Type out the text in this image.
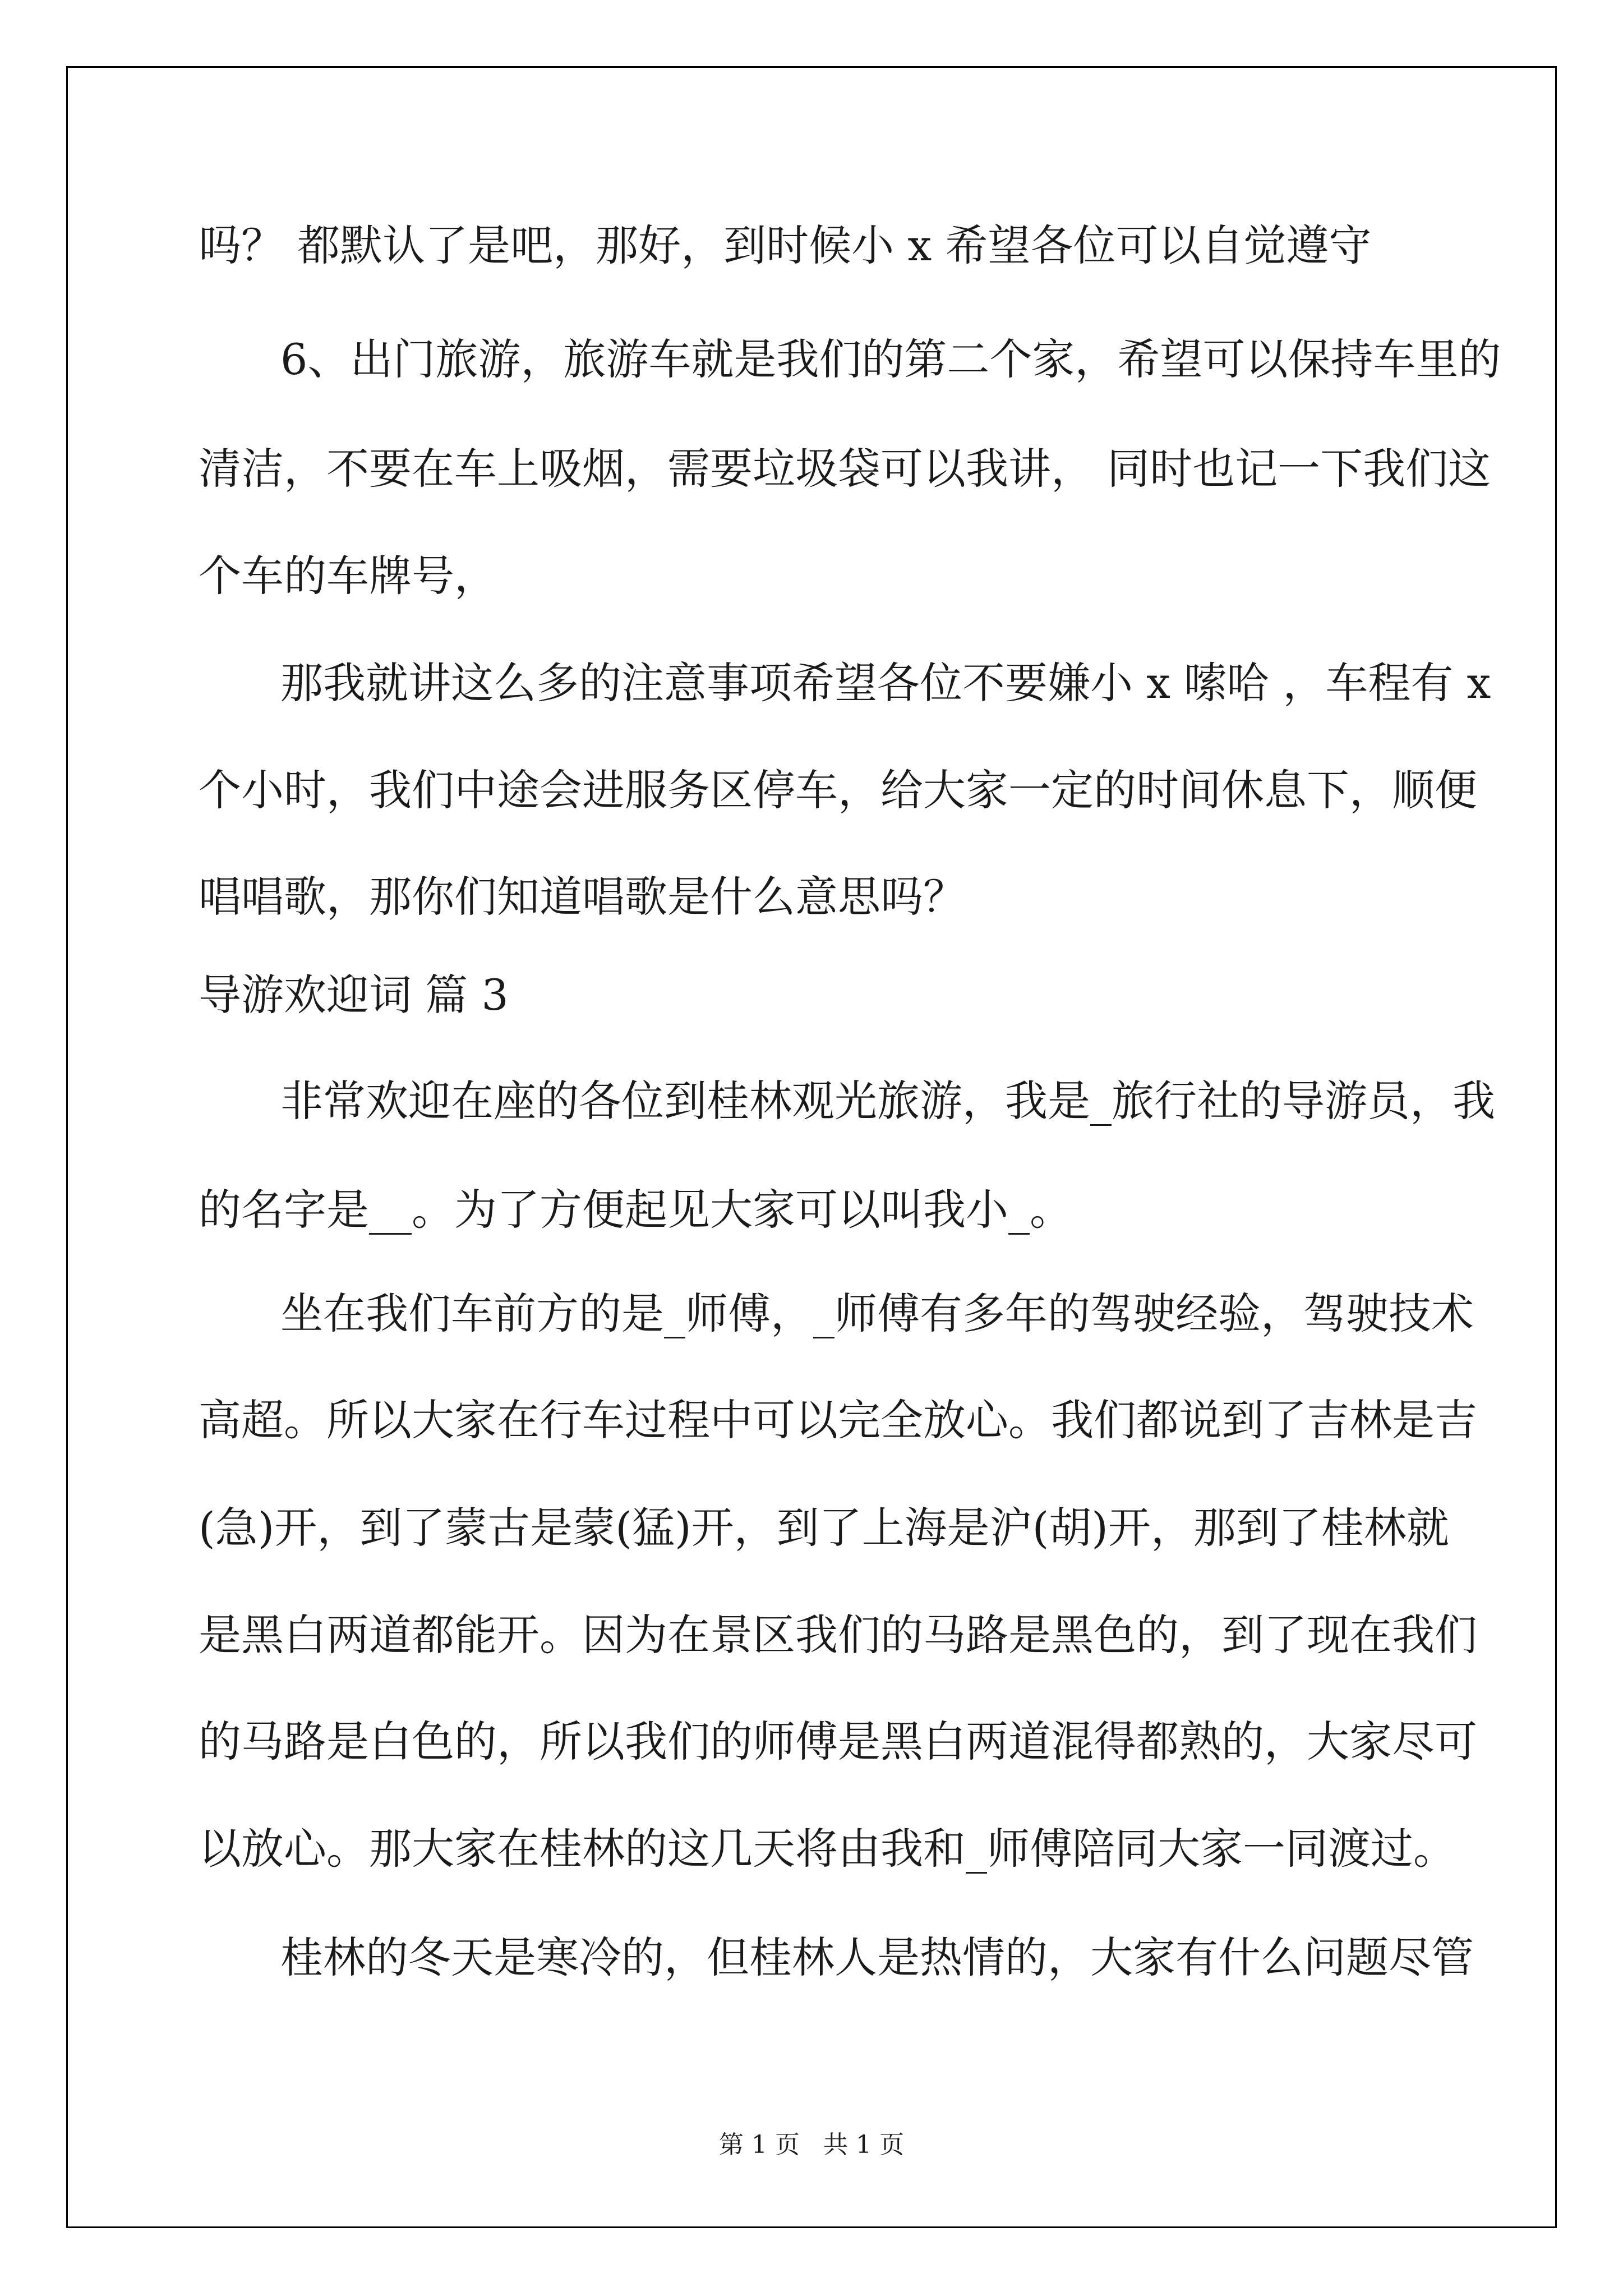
吗？ 都默认了是吧，那好，到时候小 x 希望各位可以自觉遵守

6、出门旅游，旅游车就是我们的第二个家，希望可以保持车里的

清洁，不要在车上吸烟，需要垃圾袋可以我讲， 同时也记一下我们这

个车的车牌号，

那我就讲这么多的注意事项希望各位不要嫌小 x 嗦哈 ，车程有 x

个小时，我们中途会进服务区停车，给大家一定的时间休息下，顺便

唱唱歌，那你们知道唱歌是什么意思吗？

导游欢迎词 篇 3

非常欢迎在座的各位到桂林观光旅游，我是_旅行社的导游员，我

的名字是__。为了方便起见大家可以叫我小_。

坐在我们车前方的是_师傅，_师傅有多年的驾驶经验，驾驶技术

高超。所以大家在行车过程中可以完全放心。我们都说到了吉林是吉

(急)开，到了蒙古是蒙(猛)开，到了上海是沪(胡)开，那到了桂林就

是黑白两道都能开。因为在景区我们的马路是黑色的，到了现在我们

的马路是白色的，所以我们的师傅是黑白两道混得都熟的，大家尽可

以放心。那大家在桂林的这几天将由我和_师傅陪同大家一同渡过。

桂林的冬天是寒冷的，但桂林人是热情的，大家有什么问题尽管

第 1 页   共 1 页
